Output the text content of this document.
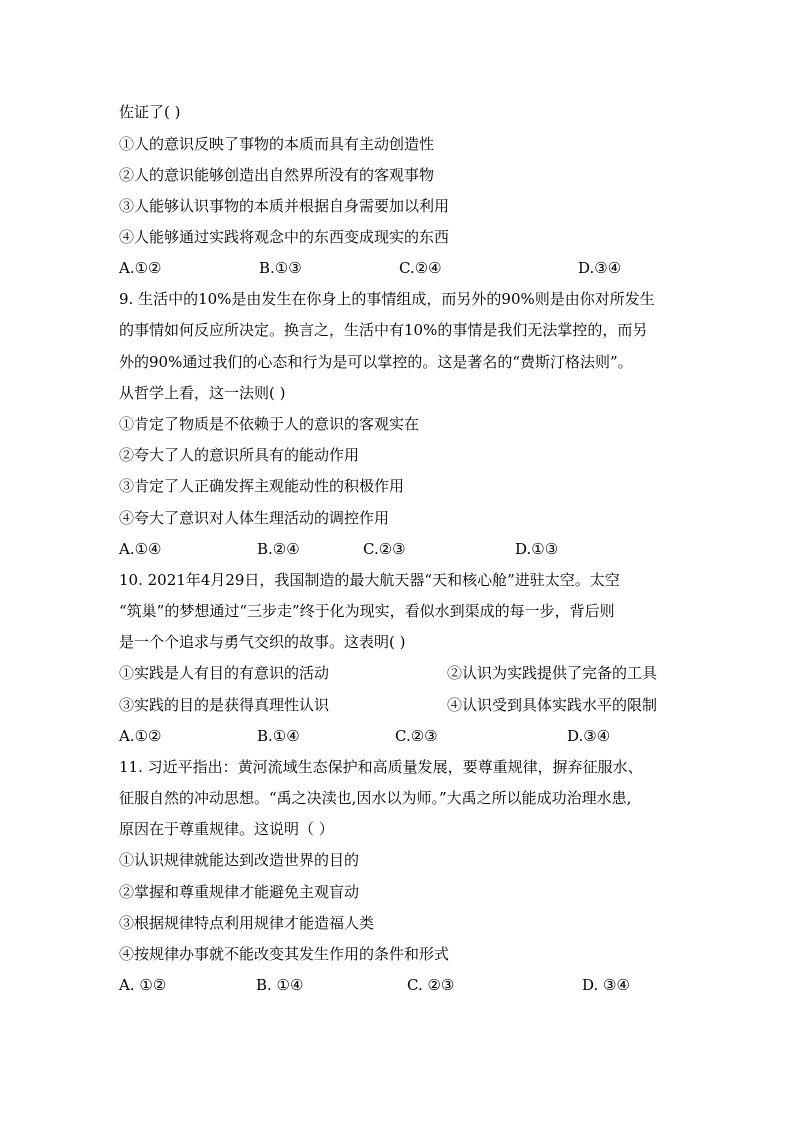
佐证了( )
①人的意识反映了事物的本质而具有主动创造性
②人的意识能够创造出自然界所没有的客观事物
③人能够认识事物的本质并根据自身需要加以利用
④人能够通过实践将观念中的东西变成现实的东西
A.①②	B.①③	C.②④	D.③④
9. 生活中的10%是由发生在你身上的事情组成，而另外的90%则是由你对所发生
的事情如何反应所决定。换言之，生活中有10%的事情是我们无法掌控的，而另
外的90%通过我们的心态和行为是可以掌控的。这是著名的“费斯汀格法则”。
从哲学上看，这一法则( )
①肯定了物质是不依赖于人的意识的客观实在
②夸大了人的意识所具有的能动作用
③肯定了人正确发挥主观能动性的积极作用
④夸大了意识对人体生理活动的调控作用
A.①④	B.②④	C.②③	D.①③
10. 2021年4月29日，我国制造的最大航天器“天和核心舱”进驻太空。太空
“筑巢”的梦想通过“三步走”终于化为现实，看似水到渠成的每一步，背后则
是一个个追求与勇气交织的故事。这表明( )
①实践是人有目的有意识的活动	②认识为实践提供了完备的工具
③实践的目的是获得真理性认识	④认识受到具体实践水平的限制
A.①②	B.①④	C.②③	D.③④
11. 习近平指出：黄河流域生态保护和高质量发展，要尊重规律，摒弃征服水、
征服自然的冲动思想。“禹之决渎也,因水以为师。”大禹之所以能成功治理水患,
原因在于尊重规律。这说明（ ）
①认识规律就能达到改造世界的目的
②掌握和尊重规律才能避免主观盲动
③根据规律特点利用规律才能造福人类
④按规律办事就不能改变其发生作用的条件和形式
A. ①②	B. ①④	C. ②③	D. ③④
